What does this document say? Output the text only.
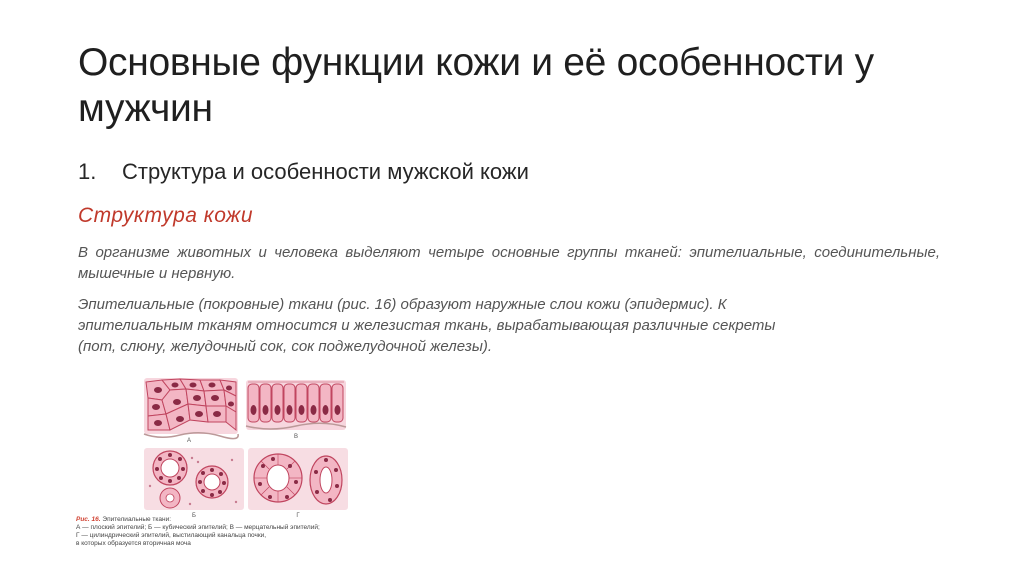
Основные функции кожи и её особенности у мужчин
1. Структура и особенности мужской кожи
Структура кожи
В организме животных и человека выделяют четыре основные группы тканей: эпителиальные, соединительные, мышечные и нервную.
Эпителиальные (покровные) ткани (рис. 16) образуют наружные слои кожи (эпидермис). К
эпителиальным тканям относится и железистая ткань, вырабатывающая различные секреты
(пот, слюну, желудочный сок, сок поджелудочной железы).
А
В
Б	Г
Рис. 16. Эпителиальные ткани:
А — плоский эпителий; Б — кубический эпителий; В — мерцательный эпителий;
Г — цилиндрический эпителий, выстилающий канальца почки,
в которых образуется вторичная моча
